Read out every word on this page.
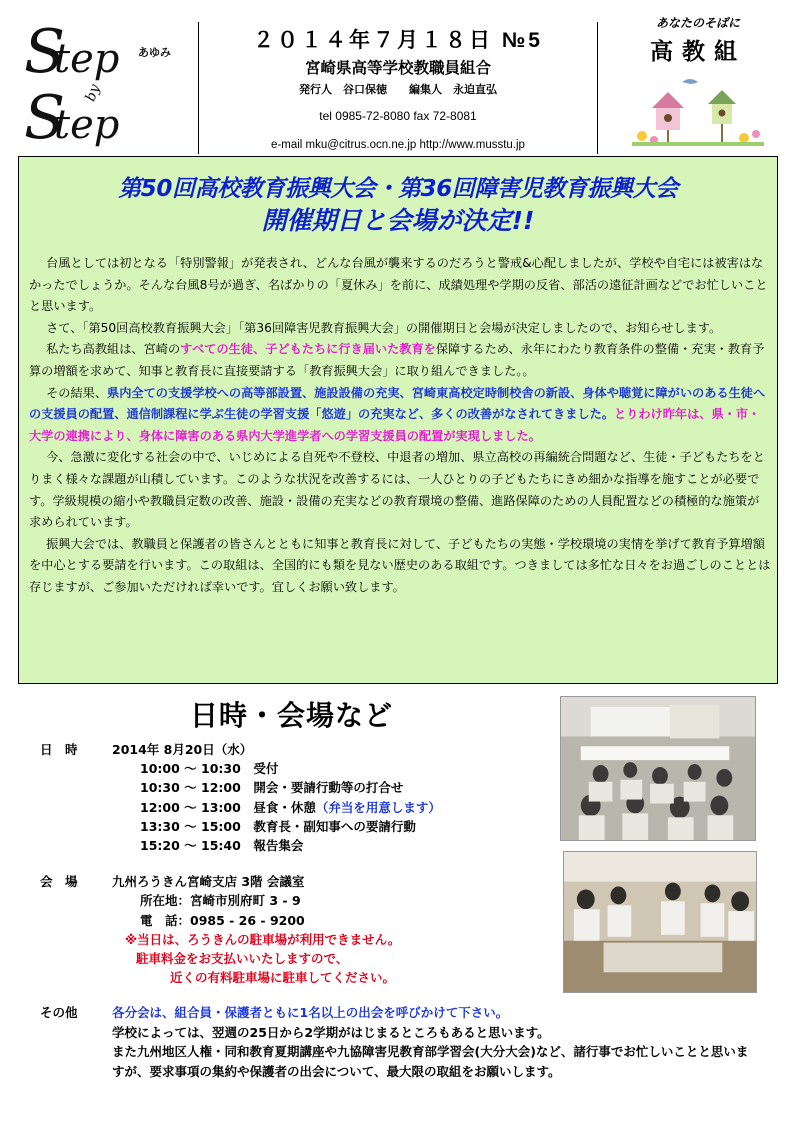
S
tep
by
S
tep
あゆみ
２０１４年７月１８日 №5
宮崎県高等学校教職員組合
発行人　谷口保徳　　編集人　永迫直弘
tel 0985-72-8080 fax 72-8081
e-mail mku@citrus.ocn.ne.jp http://www.musstu.jp
あなたのそばに
高教組
第50回高校教育振興大会・第36回障害児教育振興大会
開催期日と会場が決定!!

台風としては初となる「特別警報」が発表され、どんな台風が襲来するのだろうと警戒&心配しましたが、学校や自宅には被害はなかったでしょうか。そんな台風8号が過ぎ、名ばかりの「夏休み」を前に、成績処理や学期の反省、部活の遠征計画などでお忙しいことと思います。

さて、「第50回高校教育振興大会」「第36回障害児教育振興大会」の開催期日と会場が決定しましたので、お知らせします。

私たち高教組は、宮崎のすべての生徒、子どもたちに行き届いた教育を保障するため、永年にわたり教育条件の整備・充実・教育予算の増額を求めて、知事と教育長に直接要請する「教育振興大会」に取り組んできました。。

その結果、県内全ての支援学校への高等部設置、施設設備の充実、宮崎東高校定時制校舎の新設、身体や聴覚に障がいのある生徒への支援員の配置、通信制課程に学ぶ生徒の学習支援「悠遊」の充実など、多くの改善がなされてきました。とりわけ昨年は、県・市・大学の連携により、身体に障害のある県内大学進学者への学習支援員の配置が実現しました。

今、急激に変化する社会の中で、いじめによる自死や不登校、中退者の増加、県立高校の再編統合問題など、生徒・子どもたちをとりまく様々な課題が山積しています。このような状況を改善するには、一人ひとりの子どもたちにきめ細かな指導を施すことが必要です。学級規模の縮小や教職員定数の改善、施設・設備の充実などの教育環境の整備、進路保障のための人員配置などの積極的な施策が求められています。

振興大会では、教職員と保護者の皆さんとともに知事と教育長に対して、子どもたちの実態・学校環境の実情を挙げて教育予算増額を中心とする要請を行います。この取組は、全国的にも類を見ない歴史のある取組です。つきましては多忙な日々をお過ごしのこととは存じますが、ご参加いただければ幸いです。宜しくお願い致します。

日時・会場など
日　時	2014年 8月20日（水）
10:00 ～ 10:30　 受付
10:30 ～ 12:00　 開会・要請行動等の打合せ
12:00 ～ 13:00　 昼食・休憩（弁当を用意します）
13:30 ～ 15:00　 教育長・副知事への要請行動
15:20 ～ 15:40　 報告集会
会　場	九州ろうきん宮崎支店 3階 会議室
所在地：宮崎市別府町 3 - 9
電　話：0985 - 26 - 9200
※当日は、ろうきんの駐車場が利用できません。
駐車料金をお支払いいたしますので、
近くの有料駐車場に駐車してください。
その他	各分会は、組合員・保護者ともに1名以上の出会を呼びかけて下さい。
学校によっては、翌週の25日から2学期がはじまるところもあると思います。
また九州地区人権・同和教育夏期講座や九協障害児教育部学習会(大分大会)など、諸行事でお忙しいことと思いますが、要求事項の集約や保護者の出会について、最大限の取組をお願いします。
